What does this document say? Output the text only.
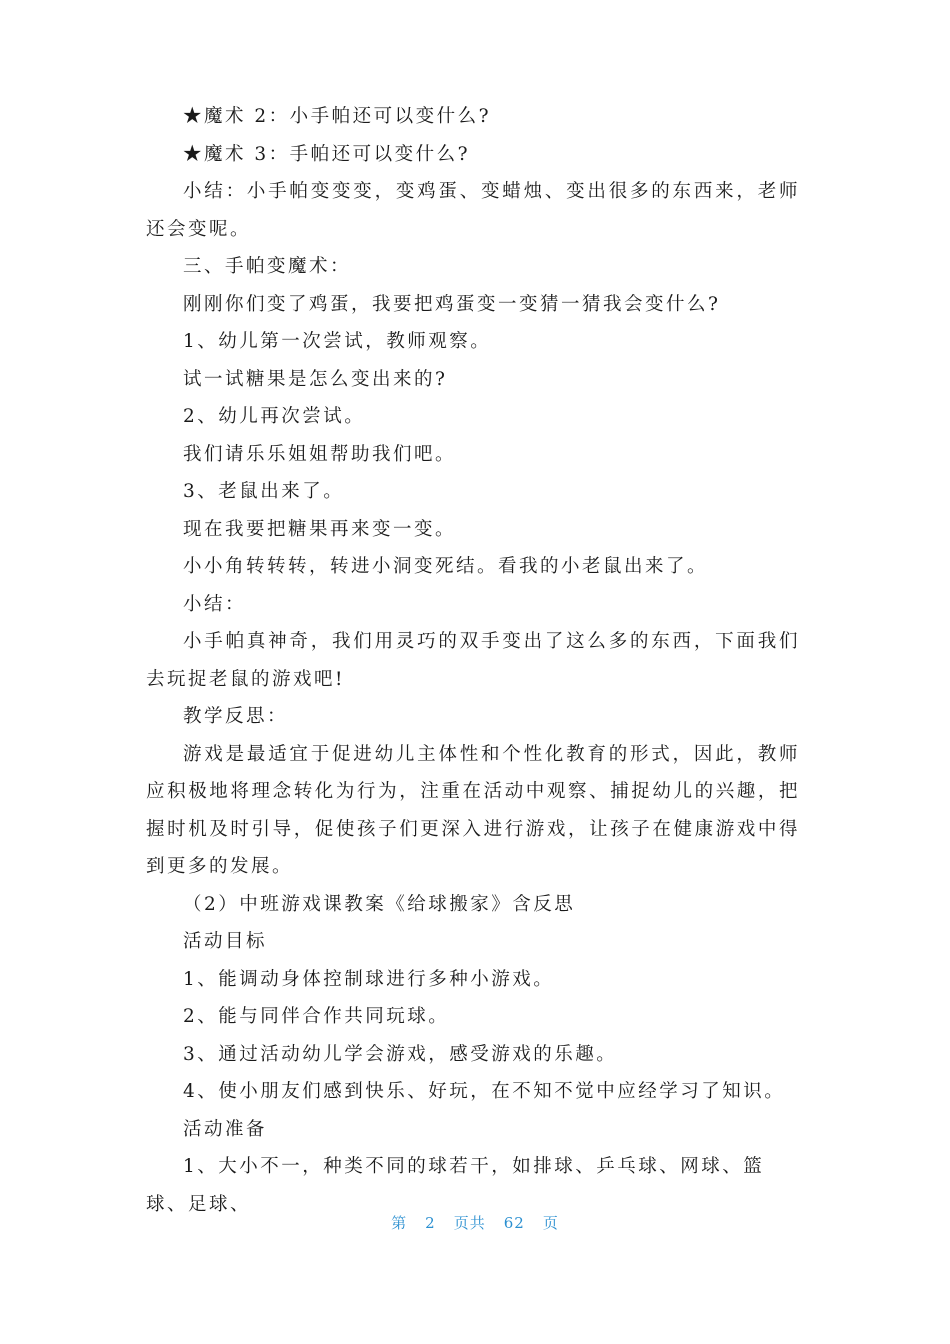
★魔术 2：小手帕还可以变什么?

★魔术 3：手帕还可以变什么?

小结：小手帕变变变，变鸡蛋、变蜡烛、变出很多的东西来，老师还会变呢。

三、手帕变魔术：

刚刚你们变了鸡蛋，我要把鸡蛋变一变猜一猜我会变什么?

1、幼儿第一次尝试，教师观察。

试一试糖果是怎么变出来的?

2、幼儿再次尝试。

我们请乐乐姐姐帮助我们吧。

3、老鼠出来了。

现在我要把糖果再来变一变。

小小角转转转，转进小洞变死结。看我的小老鼠出来了。

小结：

小手帕真神奇，我们用灵巧的双手变出了这么多的东西，下面我们去玩捉老鼠的游戏吧!

教学反思：

游戏是最适宜于促进幼儿主体性和个性化教育的形式，因此，教师应积极地将理念转化为行为，注重在活动中观察、捕捉幼儿的兴趣，把握时机及时引导，促使孩子们更深入进行游戏，让孩子在健康游戏中得到更多的发展。

（2）中班游戏课教案《给球搬家》含反思

活动目标

1、能调动身体控制球进行多种小游戏。

2、能与同伴合作共同玩球。

3、通过活动幼儿学会游戏，感受游戏的乐趣。

4、使小朋友们感到快乐、好玩，在不知不觉中应经学习了知识。

活动准备

1、大小不一，种类不同的球若干，如排球、乒乓球、网球、篮球、足球、

第 2 页共 62 页
